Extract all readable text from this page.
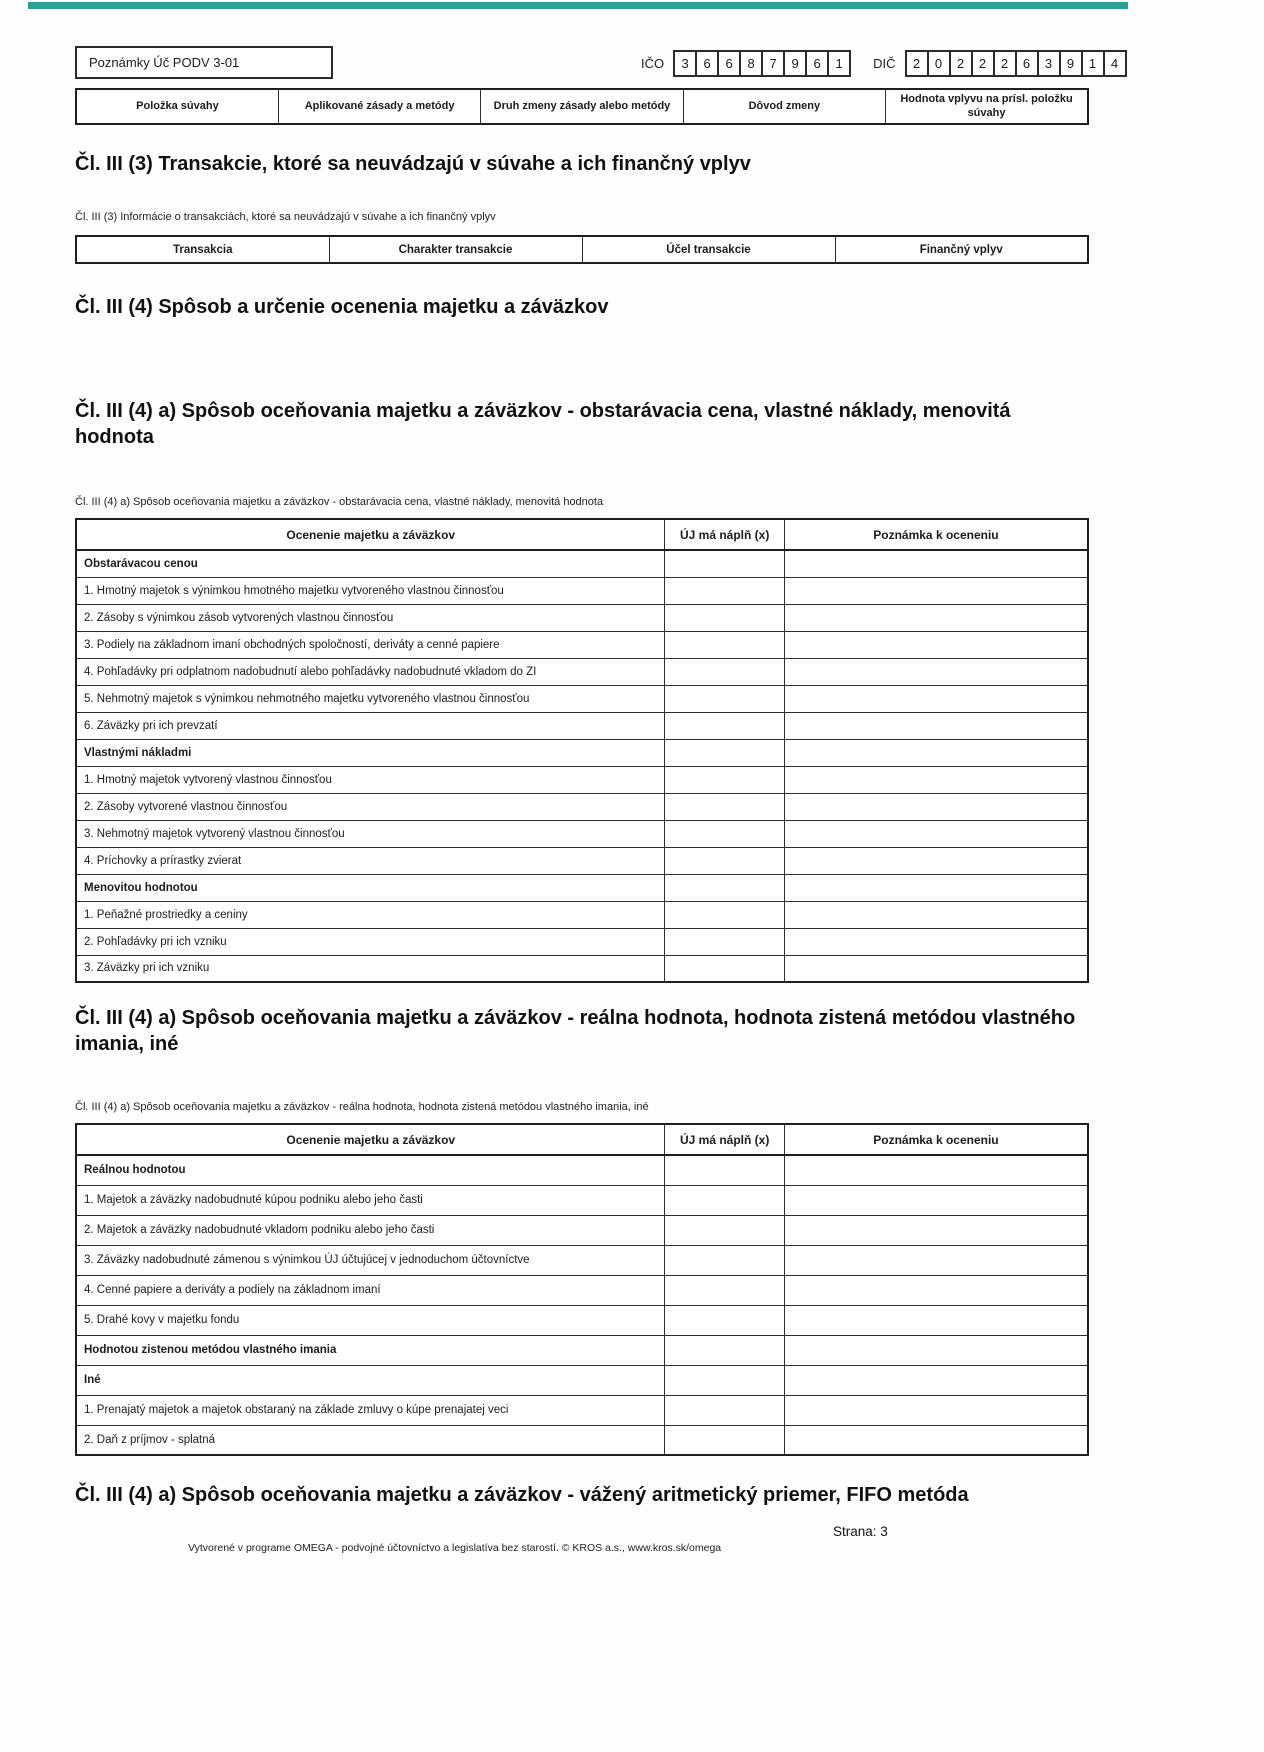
Poznámky Úč PODV 3-01	IČO	3	6	6	8	7	9	6	1	DIČ	2	0	2	2	2	6	3	9	1	4
Položka súvahy	Aplikované zásady a metódy	Druh zmeny zásady alebo metódy	Dôvod zmeny	Hodnota vplyvu na prísl. položku súvahy
Čl. III (3) Transakcie, ktoré sa neuvádzajú v súvahe a ich finančný vplyv
Čl. III (3) Informácie o transakciách, ktoré sa neuvádzajú v súvahe a ich finančný vplyv
Transakcia	Charakter transakcie	Účel transakcie	Finančný vplyv
Čl. III (4) Spôsob a určenie ocenenia majetku a záväzkov
Čl. III (4) a) Spôsob oceňovania majetku a záväzkov - obstarávacia cena, vlastné náklady, menovitá hodnota
Čl. III (4) a) Spôsob oceňovania majetku a záväzkov - obstarávacia cena, vlastné náklady, menovitá hodnota
Ocenenie majetku a záväzkov	ÚJ má náplň (x)	Poznámka k oceneniu
Obstarávacou cenou		
1. Hmotný majetok s výnimkou hmotného majetku vytvoreného vlastnou činnosťou		
2. Zásoby s výnimkou zásob vytvorených vlastnou činnosťou		
3. Podiely na základnom imaní obchodných spoločností, deriváty a cenné papiere		
4. Pohľadávky pri odplatnom nadobudnutí alebo pohľadávky nadobudnuté vkladom do ZI		
5. Nehmotný majetok s výnimkou nehmotného majetku vytvoreného vlastnou činnosťou		
6. Záväzky pri ich prevzatí		
Vlastnými nákladmi		
1. Hmotný majetok vytvorený vlastnou činnosťou		
2. Zásoby vytvorené vlastnou činnosťou		
3. Nehmotný majetok vytvorený vlastnou činnosťou		
4. Príchovky a prírastky zvierat		
Menovitou hodnotou		
1. Peňažné prostriedky a ceniny		
2. Pohľadávky pri ich vzniku		
3. Záväzky pri ich vzniku		
Čl. III (4) a) Spôsob oceňovania majetku a záväzkov - reálna hodnota, hodnota zistená metódou vlastného imania, iné
Čl. III (4) a) Spôsob oceňovania majetku a záväzkov - reálna hodnota, hodnota zistená metódou vlastného imania, iné
Ocenenie majetku a záväzkov	ÚJ má náplň (x)	Poznámka k oceneniu
Reálnou hodnotou		
1. Majetok a záväzky nadobudnuté kúpou podniku alebo jeho časti		
2. Majetok a záväzky nadobudnuté vkladom podniku alebo jeho časti		
3. Záväzky nadobudnuté zámenou s výnimkou ÚJ účtujúcej v jednoduchom účtovníctve		
4. Cenné papiere a deriváty a podiely na základnom imaní		
5. Drahé kovy v majetku fondu		
Hodnotou zistenou metódou vlastného imania		
Iné		
1. Prenajatý majetok a majetok obstaraný na základe zmluvy o kúpe prenajatej veci		
2. Daň z príjmov - splatná		
Čl. III (4) a) Spôsob oceňovania majetku a záväzkov - vážený aritmetický priemer, FIFO metóda
Strana: 3
Vytvorené v programe OMEGA - podvojné účtovníctvo a legislatíva bez starostí. © KROS a.s., www.kros.sk/omega
